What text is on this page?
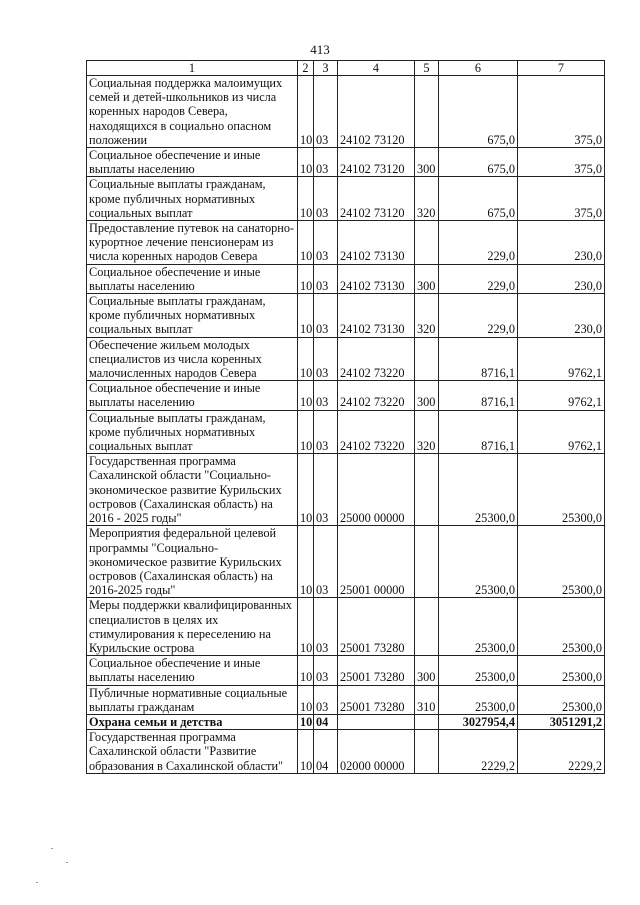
413
1	2	3	4	5	6	7
Социальная поддержка малоимущих семей и детей-школьников из числа коренных народов Севера, находящихся в социально опасном положении	10	03	24102 73120		675,0	375,0
Социальное обеспечение и иные выплаты населению	10	03	24102 73120	300	675,0	375,0
Социальные выплаты гражданам, кроме публичных нормативных социальных выплат	10	03	24102 73120	320	675,0	375,0
Предоставление путевок на санаторно-курортное лечение пенсионерам из числа коренных народов Севера	10	03	24102 73130		229,0	230,0
Социальное обеспечение и иные выплаты населению	10	03	24102 73130	300	229,0	230,0
Социальные выплаты гражданам, кроме публичных нормативных социальных выплат	10	03	24102 73130	320	229,0	230,0
Обеспечение жильем молодых специалистов из числа коренных малочисленных народов Севера	10	03	24102 73220		8716,1	9762,1
Социальное обеспечение и иные выплаты населению	10	03	24102 73220	300	8716,1	9762,1
Социальные выплаты гражданам, кроме публичных нормативных социальных выплат	10	03	24102 73220	320	8716,1	9762,1
Государственная программа Сахалинской области "Социально-экономическое развитие Курильских островов (Сахалинская область) на 2016 - 2025 годы"	10	03	25000 00000		25300,0	25300,0
Мероприятия федеральной целевой программы "Социально-экономическое развитие Курильских островов (Сахалинская область) на 2016-2025 годы"	10	03	25001 00000		25300,0	25300,0
Меры поддержки квалифицированных специалистов в целях их стимулирования к переселению на Курильские острова	10	03	25001 73280		25300,0	25300,0
Социальное обеспечение и иные выплаты населению	10	03	25001 73280	300	25300,0	25300,0
Публичные нормативные социальные выплаты гражданам	10	03	25001 73280	310	25300,0	25300,0
Охрана семьи и детства	10	04			3027954,4	3051291,2
Государственная программа Сахалинской области "Развитие образования в Сахалинской области"	10	04	02000 00000		2229,2	2229,2
